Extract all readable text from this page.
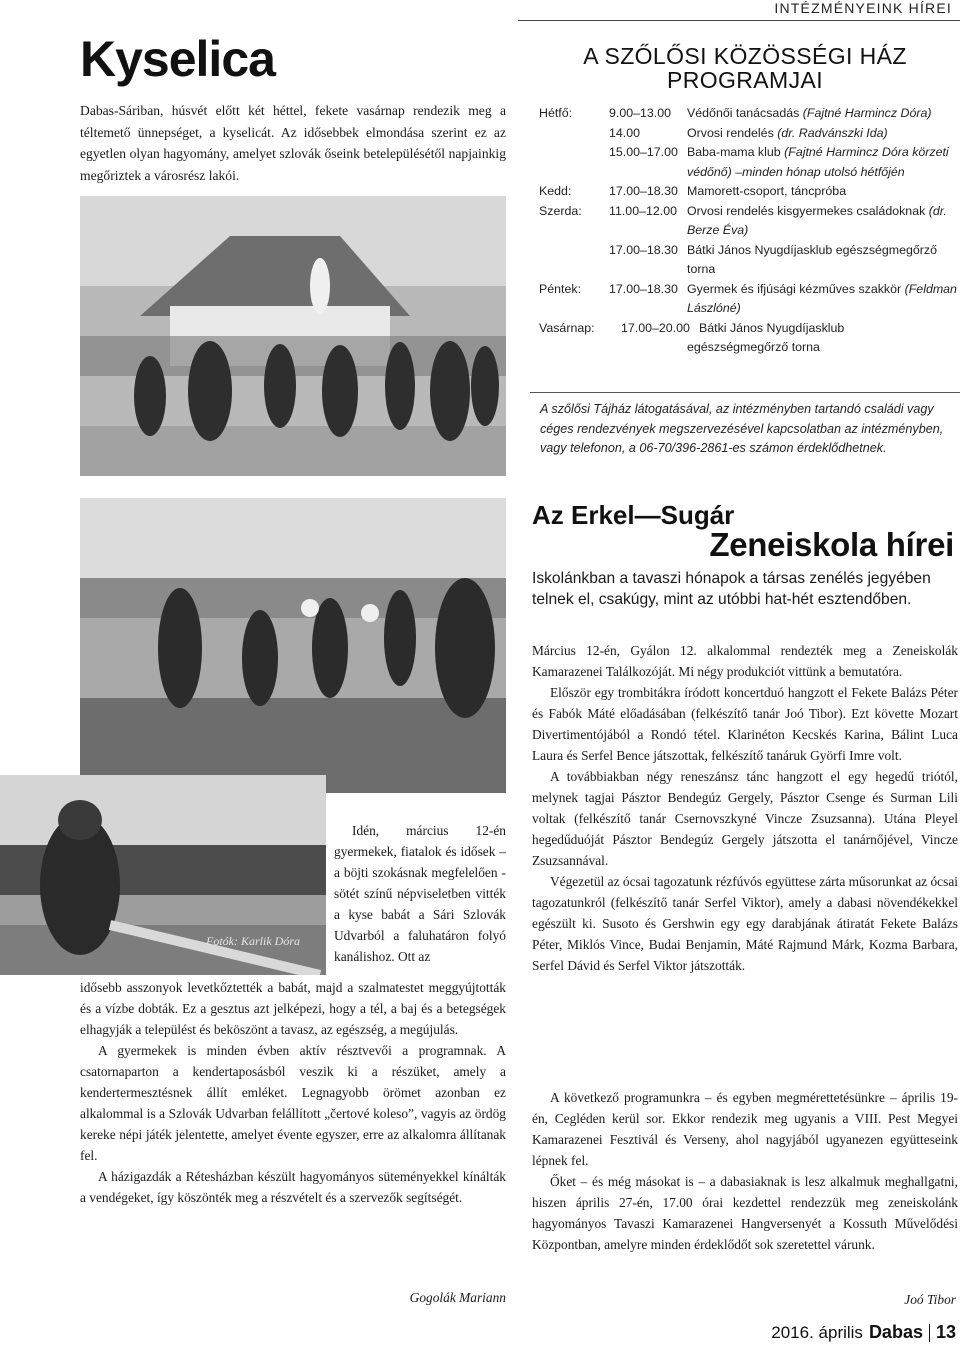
INTÉZMÉNYEINK HÍREI
Kyselica
Dabas-Sáriban, húsvét előtt két héttel, fekete vasárnap rendezik meg a téltemető ünnepséget, a kyselicát. Az idősebbek elmondása szerint ez az egyetlen olyan hagyomány, amelyet szlovák őseink betelepülésétől napjainkig megőriztek a városrész lakói.
Fotók: Karlik Dóra
A SZŐLŐSI KÖZÖSSÉGI HÁZ PROGRAMJAI
Hétfő:	9.00–13.00	Védőnői tanácsadás (Fajtné Harmincz Dóra)
14.00	Orvosi rendelés (dr. Radvánszki Ida)
15.00–17.00 Baba-mama klub (Fajtné Harmincz Dóra körzeti védőnő) –minden hónap utolsó hétfőjén
Kedd:	17.00–18.30 Mamorett-csoport, táncpróba
Szerda:	11.00–12.00 Orvosi rendelés kisgyermekes családoknak (dr. Berze Éva)
17.00–18.30 Bátki János Nyugdíjasklub egészségmegőrző torna
Péntek:	17.00–18.30 Gyermek és ifjúsági kézműves szakkör (Feldman Lászlóné)
Vasárnap:	17.00–20.00 Bátki János Nyugdíjasklub
egészségmegőrző torna
A szőlősi Tájház látogatásával, az intézményben tartandó családi vagy céges rendezvények megszervezésével kapcsolatban az intézményben, vagy telefonon, a 06-70/396-2861-es számon érdeklődhetnek.
Az Erkel—Sugár
Zeneiskola hírei
Iskolánkban a tavaszi hónapok a társas zenélés jegyében telnek el, csakúgy, mint az utóbbi hat-hét esztendőben.

Március 12-én, Gyálon 12. alkalommal rendezték meg a Zeneiskolák Kamarazenei Találkozóját. Mi négy produkciót vittünk a bemutatóra.

Először egy trombitákra íródott koncertduó hangzott el Fekete Balázs Péter és Fabók Máté előadásában (felkészítő tanár Joó Tibor). Ezt követte Mozart Divertimentójából a Rondó tétel. Klarinéton Kecskés Karina, Bálint Luca Laura és Serfel Bence játszottak, felkészítő tanáruk Györfi Imre volt.

A továbbiakban négy reneszánsz tánc hangzott el egy hegedű triótól, melynek tagjai Pásztor Bendegúz Gergely, Pásztor Csenge és Surman Lili voltak (felkészítő tanár Csernovszkyné Vincze Zsuzsanna). Utána Pleyel hegedűduóját Pásztor Bendegúz Gergely játszotta el tanárnőjével, Vincze Zsuzsannával.

Végezetül az ócsai tagozatunk rézfúvós együttese zárta műsorunkat az ócsai tagozatunkról (felkészítő tanár Serfel Viktor), amely a dabasi növendékekkel egészült ki. Susoto és Gershwin egy egy darabjának átiratát Fekete Balázs Péter, Miklós Vince, Budai Benjamin, Máté Rajmund Márk, Kozma Barbara, Serfel Dávid és Serfel Viktor játszották.

A következő programunkra – és egyben megmérettetésünkre – április 19-én, Cegléden kerül sor. Ekkor rendezik meg ugyanis a VIII. Pest Megyei Kamarazenei Fesztivál és Verseny, ahol nagyjából ugyanezen együtteseink lépnek fel.

Őket – és még másokat is – a dabasiaknak is lesz alkalmuk meghallgatni, hiszen április 27-én, 17.00 órai kezdettel rendezzük meg zeneiskolánk hagyományos Tavaszi Kamarazenei Hangversenyét a Kossuth Művelődési Központban, amelyre minden érdeklődőt sok szeretettel várunk.

Joó Tibor

Idén, március 12-én gyermekek, fiatalok és idősek – a böjti szokásnak megfelelően - sötét színű népviseletben vitték a kyse babát a Sári Szlovák Udvarból a faluhatáron folyó kanálishoz. Ott az

idősebb asszonyok levetkőztették a babát, majd a szalmatestet meggyújtották és a vízbe dobták. Ez a gesztus azt jelképezi, hogy a tél, a baj és a betegségek elhagyják a települést és beköszönt a tavasz, az egészség, a megújulás.

A gyermekek is minden évben aktív résztvevői a programnak. A csatornaparton a kendertaposásból veszik ki a részüket, amely a kendertermesztésnek állít emléket. Legnagyobb örömet azonban ez alkalommal is a Szlovák Udvarban felállított „čertové koleso”, vagyis az ördög kereke népi játék jelentette, amelyet évente egyszer, erre az alkalomra állítanak fel.

A házigazdák a Rétesházban készült hagyományos süteményekkel kínálták a vendégeket, így köszönték meg a részvételt és a szervezők segítségét.

Gogolák Mariann
2016. április Dabas 13
